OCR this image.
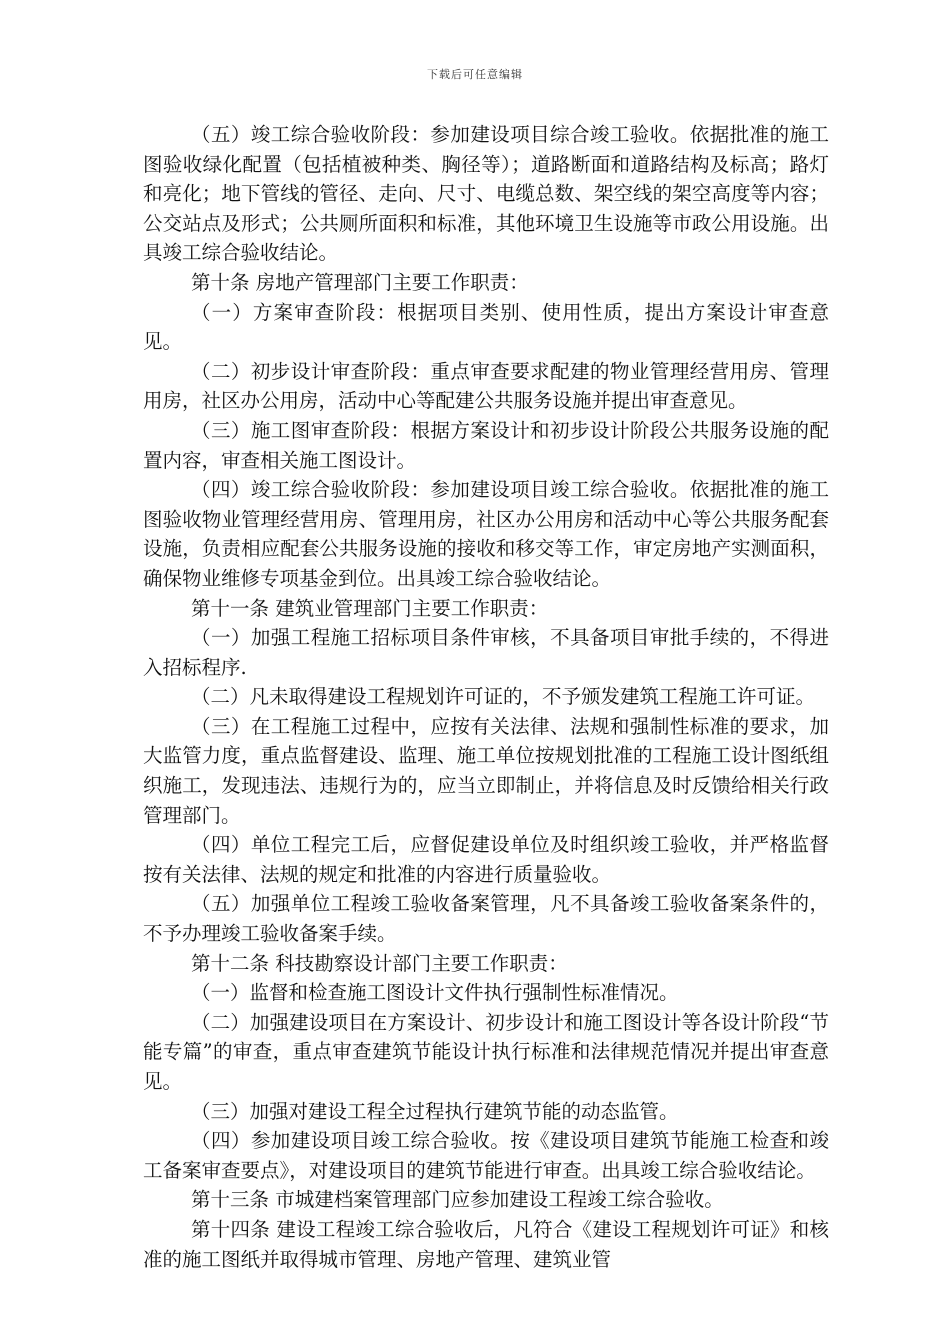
下载后可任意编辑

（五）竣工综合验收阶段：参加建设项目综合竣工验收。依据批准的施工图验收绿化配置（包括植被种类、胸径等）；道路断面和道路结构及标高；路灯和亮化；地下管线的管径、走向、尺寸、电缆总数、架空线的架空高度等内容；公交站点及形式；公共厕所面积和标准，其他环境卫生设施等市政公用设施。出具竣工综合验收结论。

第十条 房地产管理部门主要工作职责：

（一）方案审查阶段：根据项目类别、使用性质，提出方案设计审查意见。

（二）初步设计审查阶段：重点审查要求配建的物业管理经营用房、管理用房，社区办公用房，活动中心等配建公共服务设施并提出审查意见。

（三）施工图审查阶段：根据方案设计和初步设计阶段公共服务设施的配置内容，审查相关施工图设计。

（四）竣工综合验收阶段：参加建设项目竣工综合验收。依据批准的施工图验收物业管理经营用房、管理用房，社区办公用房和活动中心等公共服务配套设施，负责相应配套公共服务设施的接收和移交等工作，审定房地产实测面积，确保物业维修专项基金到位。出具竣工综合验收结论。

第十一条 建筑业管理部门主要工作职责：

（一）加强工程施工招标项目条件审核，不具备项目审批手续的，不得进入招标程序.

（二）凡未取得建设工程规划许可证的，不予颁发建筑工程施工许可证。

（三）在工程施工过程中，应按有关法律、法规和强制性标准的要求，加大监管力度，重点监督建设、监理、施工单位按规划批准的工程施工设计图纸组织施工，发现违法、违规行为的，应当立即制止，并将信息及时反馈给相关行政管理部门。

（四）单位工程完工后，应督促建设单位及时组织竣工验收，并严格监督按有关法律、法规的规定和批准的内容进行质量验收。

（五）加强单位工程竣工验收备案管理，凡不具备竣工验收备案条件的，不予办理竣工验收备案手续。

第十二条 科技勘察设计部门主要工作职责：

（一）监督和检查施工图设计文件执行强制性标准情况。

（二）加强建设项目在方案设计、初步设计和施工图设计等各设计阶段“节能专篇”的审查，重点审查建筑节能设计执行标准和法律规范情况并提出审查意见。

（三）加强对建设工程全过程执行建筑节能的动态监管。

（四）参加建设项目竣工综合验收。按《建设项目建筑节能施工检查和竣工备案审查要点》，对建设项目的建筑节能进行审查。出具竣工综合验收结论。

第十三条 市城建档案管理部门应参加建设工程竣工综合验收。

第十四条 建设工程竣工综合验收后，凡符合《建设工程规划许可证》和核准的施工图纸并取得城市管理、房地产管理、建筑业管
